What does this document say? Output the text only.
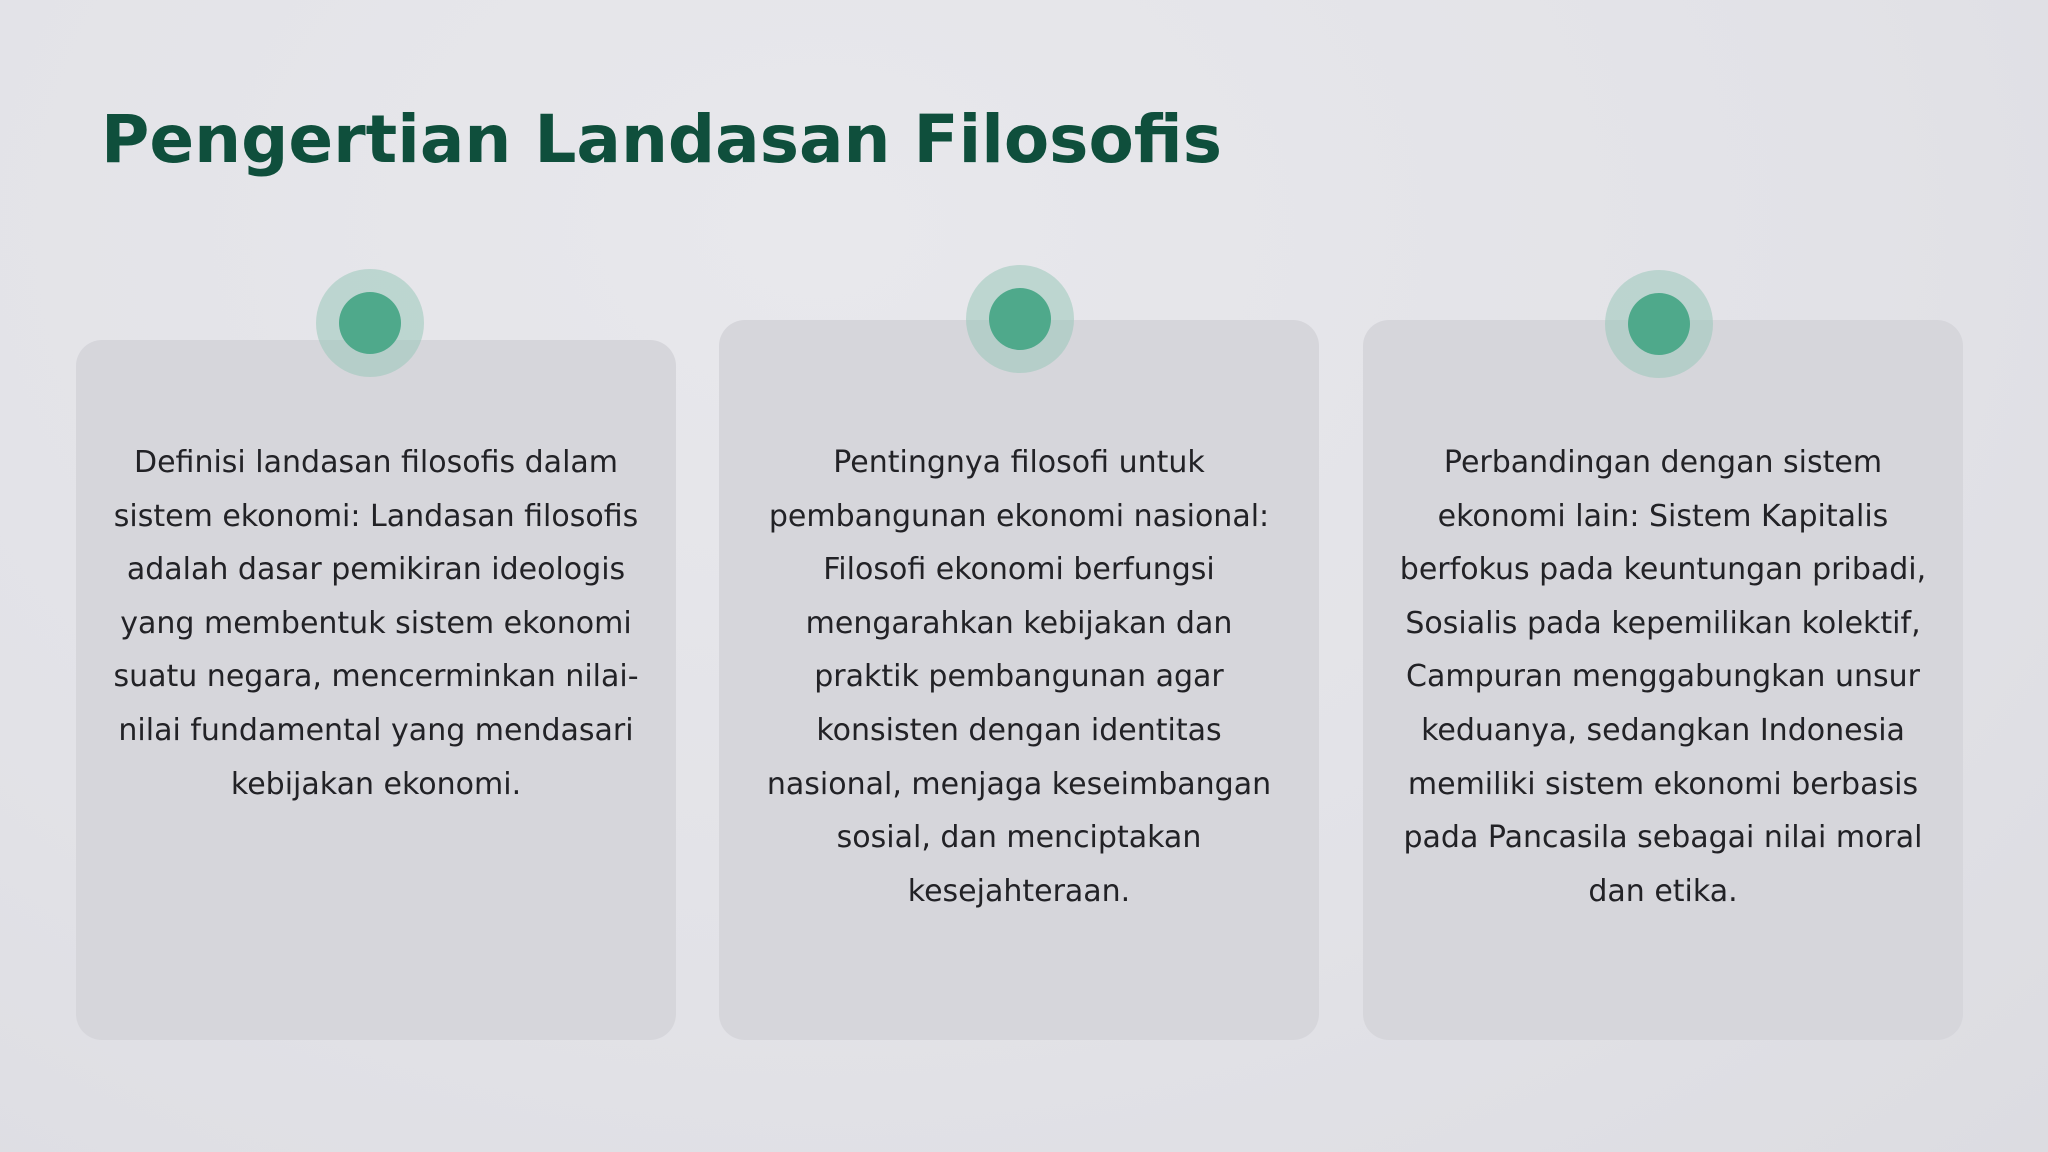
Pengertian Landasan Filosofis

Definisi landasan filosofis dalam sistem ekonomi: Landasan filosofis adalah dasar pemikiran ideologis yang membentuk sistem ekonomi suatu negara, mencerminkan nilai-nilai fundamental yang mendasari kebijakan ekonomi.

Pentingnya filosofi untuk pembangunan ekonomi nasional: Filosofi ekonomi berfungsi mengarahkan kebijakan dan praktik pembangunan agar konsisten dengan identitas nasional, menjaga keseimbangan sosial, dan menciptakan kesejahteraan.

Perbandingan dengan sistem ekonomi lain: Sistem Kapitalis berfokus pada keuntungan pribadi, Sosialis pada kepemilikan kolektif, Campuran menggabungkan unsur keduanya, sedangkan Indonesia memiliki sistem ekonomi berbasis pada Pancasila sebagai nilai moral dan etika.
